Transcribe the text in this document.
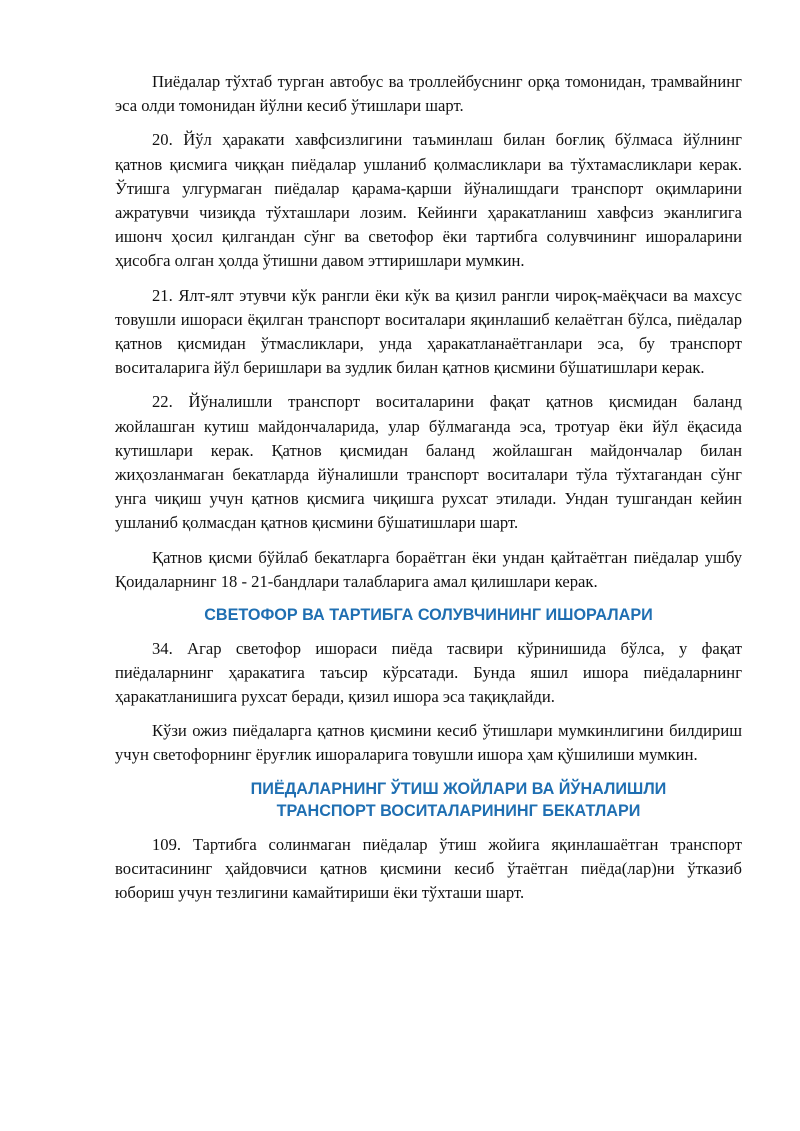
Пиёдалар тўхтаб турган автобус ва троллейбуснинг орқа томонидан, трамвайнинг эса олди томонидан йўлни кесиб ўтишлари шарт.

20. Йўл ҳаракати хавфсизлигини таъминлаш билан боғлиқ бўлмаса йўлнинг қатнов қисмига чиққан пиёдалар ушланиб қолмасликлари ва тўхтамасликлари керак. Ўтишга улгурмаган пиёдалар қарама-қарши йўналишдаги транспорт оқимларини ажратувчи чизиқда тўхташлари лозим. Кейинги ҳаракатланиш хавфсиз эканлигига ишонч ҳосил қилгандан сўнг ва светофор ёки тартибга солувчининг ишораларини ҳисобга олган ҳолда ўтишни давом эттиришлари мумкин.

21. Ялт-ялт этувчи кўк рангли ёки кўк ва қизил рангли чироқ-маёқчаси ва махсус товушли ишораси ёқилган транспорт воситалари яқинлашиб келаётган бўлса, пиёдалар қатнов қисмидан ўтмасликлари, унда ҳаракатланаётганлари эса, бу транспорт воситаларига йўл беришлари ва зудлик билан қатнов қисмини бўшатишлари керак.

22. Йўналишли транспорт воситаларини фақат қатнов қисмидан баланд жойлашган кутиш майдончаларида, улар бўлмаганда эса, тротуар ёки йўл ёқасида кутишлари керак. Қатнов қисмидан баланд жойлашган майдончалар билан жиҳозланмаган бекатларда йўналишли транспорт воситалари тўла тўхтагандан сўнг унга чиқиш учун қатнов қисмига чиқишга рухсат этилади. Ундан тушгандан кейин ушланиб қолмасдан қатнов қисмини бўшатишлари шарт.

Қатнов қисми бўйлаб бекатларга бораётган ёки ундан қайтаётган пиёдалар ушбу Қоидаларнинг 18 - 21-бандлари талабларига амал қилишлари керак.

СВЕТОФОР ВА ТАРТИБГА СОЛУВЧИНИНГ ИШОРАЛАРИ

34. Агар светофор ишораси пиёда тасвири кўринишида бўлса, у фақат пиёдаларнинг ҳаракатига таъсир кўрсатади. Бунда яшил ишора пиёдаларнинг ҳаракатланишига рухсат беради, қизил ишора эса тақиқлайди.

Кўзи ожиз пиёдаларга қатнов қисмини кесиб ўтишлари мумкинлигини билдириш учун светофорнинг ёруғлик ишораларига товушли ишора ҳам қўшилиши мумкин.

ПИЁДАЛАРНИНГ ЎТИШ ЖОЙЛАРИ ВА ЙЎНАЛИШЛИ
ТРАНСПОРТ ВОСИТАЛАРИНИНГ БЕКАТЛАРИ

109. Тартибга солинмаган пиёдалар ўтиш жойига яқинлашаётган транспорт воситасининг ҳайдовчиси қатнов қисмини кесиб ўтаётган пиёда(лар)ни ўтказиб юбориш учун тезлигини камайтириши ёки тўхташи шарт.
